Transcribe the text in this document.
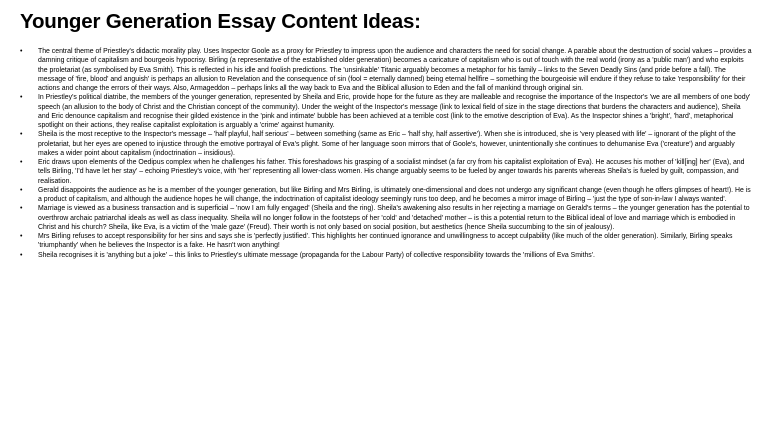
Younger Generation Essay Content Ideas:
• The central theme of Priestley's didactic morality play. Uses Inspector Goole as a proxy for Priestley to impress upon the audience and characters the need for social change. A parable about the destruction of social values – provides a damning critique of capitalism and bourgeois hypocrisy. Birling (a representative of the established older generation) becomes a caricature of capitalism who is out of touch with the real world (irony as a 'public man') and who exploits the proletariat (as symbolised by Eva Smith). This is reflected in his idle and foolish predictions. The 'unsinkable' Titanic arguably becomes a metaphor for his family – links to the Seven Deadly Sins (and pride before a fall). The message of 'fire, blood' and anguish' is perhaps an allusion to Revelation and the consequence of sin (fool = eternally damned) being eternal hellfire – something the bourgeoisie will endure if they refuse to take 'responsibility' for their actions and change the errors of their ways. Also, Armageddon – perhaps links all the way back to Eva and the Biblical allusion to Eden and the fall of mankind through original sin.
• In Priestley's political diatribe, the members of the younger generation, represented by Sheila and Eric, provide hope for the future as they are malleable and recognise the importance of the Inspector's 'we are all members of one body' speech (an allusion to the body of Christ and the Christian concept of the community). Under the weight of the Inspector's message (link to lexical field of size in the stage directions that burdens the characters and audience), Sheila and Eric denounce capitalism and recognise their gilded existence in the 'pink and intimate' bubble has been achieved at a terrible cost (link to the emotive description of Eva). As the Inspector shines a 'bright', 'hard', metaphorical spotlight on their actions, they realise capitalist exploitation is arguably a 'crime' against humanity.
• Sheila is the most receptive to the Inspector's message – 'half playful, half serious' – between something (same as Eric – 'half shy, half assertive'). When she is introduced, she is 'very pleased with life' – ignorant of the plight of the proletariat, but her eyes are opened to injustice through the emotive portrayal of Eva's plight. Some of her language soon mirrors that of Goole's, however, unintentionally she continues to dehumanise Eva ('creature') and arguably makes a wider point about capitalism (indoctrination – insidious).
• Eric draws upon elements of the Oedipus complex when he challenges his father. This foreshadows his grasping of a socialist mindset (a far cry from his capitalist exploitation of Eva). He accuses his mother of 'kill[ing] her' (Eva), and tells Birling, 'I'd have let her stay' – echoing Priestley's voice, with 'her' representing all lower-class women. His change arguably seems to be fueled by anger towards his parents whereas Sheila's is fueled by guilt, compassion, and realisation.
• Gerald disappoints the audience as he is a member of the younger generation, but like Birling and Mrs Birling, is ultimately one-dimensional and does not undergo any significant change (even though he offers glimpses of heart!). He is a product of capitalism, and although the audience hopes he will change, the indoctrination of capitalist ideology seemingly runs too deep, and he becomes a mirror image of Birling – 'just the type of son-in-law I always wanted'.
• Marriage is viewed as a business transaction and is superficial – 'now I am fully engaged' (Sheila and the ring). Sheila's awakening also results in her rejecting a marriage on Gerald's terms – the younger generation has the potential to overthrow archaic patriarchal ideals as well as class inequality. Sheila will no longer follow in the footsteps of her 'cold' and 'detached' mother – is this a potential return to the Biblical ideal of love and marriage which is embodied in Christ and his church? Sheila, like Eva, is a victim of the 'male gaze' (Freud). Their worth is not only based on social position, but aesthetics (hence Sheila succumbing to the sin of jealousy).
• Mrs Birling refuses to accept responsibility for her sins and says she is 'perfectly justified'. This highlights her continued ignorance and unwillingness to accept culpability (like much of the older generation). Similarly, Birling speaks 'triumphantly' when he believes the Inspector is a fake. He hasn't won anything!
• Sheila recognises it is 'anything but a joke' – this links to Priestley's ultimate message (propaganda for the Labour Party) of collective responsibility towards the 'millions of Eva Smiths'.
